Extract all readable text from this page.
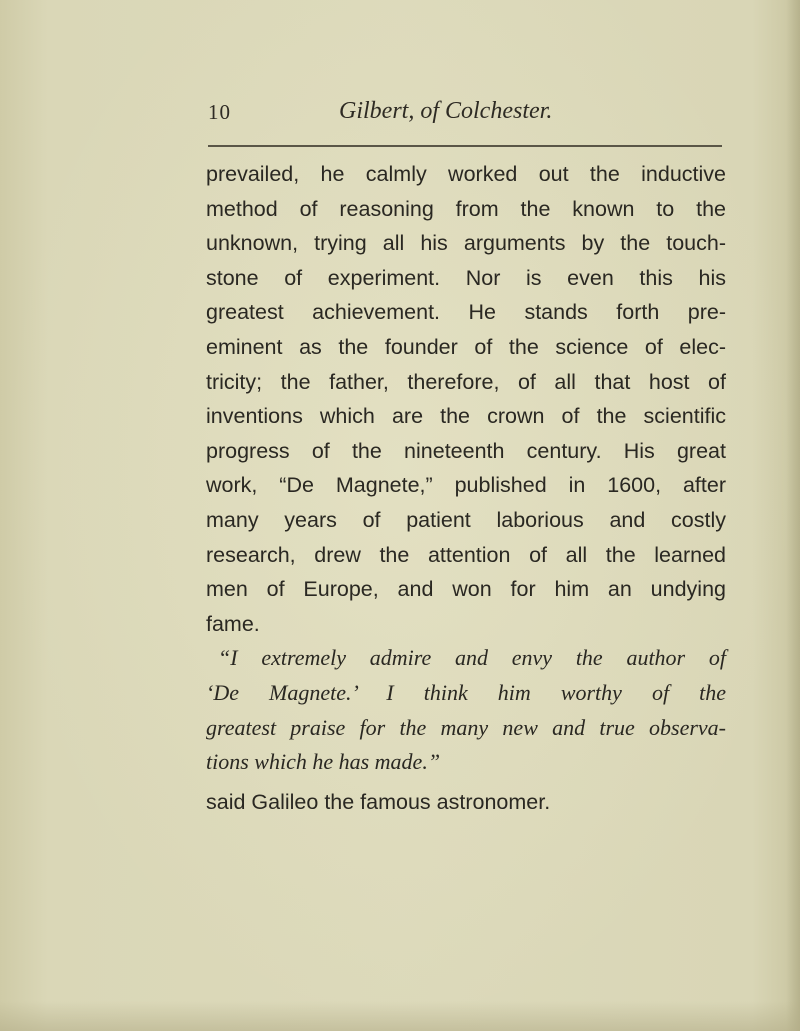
10	Gilbert, of Colchester.
prevailed, he calmly worked out the inductive
method of reasoning from the known to the
unknown, trying all his arguments by the touch-
stone of experiment. Nor is even this his
greatest achievement. He stands forth pre-
eminent as the founder of the science of elec-
tricity; the father, therefore, of all that host of
inventions which are the crown of the scientific
progress of the nineteenth century. His great
work, “De Magnete,” published in 1600, after
many years of patient laborious and costly
research, drew the attention of all the learned
men of Europe, and won for him an undying
fame.
“I extremely admire and envy the author of
‘De Magnete.’ I think him worthy of the
greatest praise for the many new and true observa-
tions which he has made.”
said Galileo the famous astronomer.
